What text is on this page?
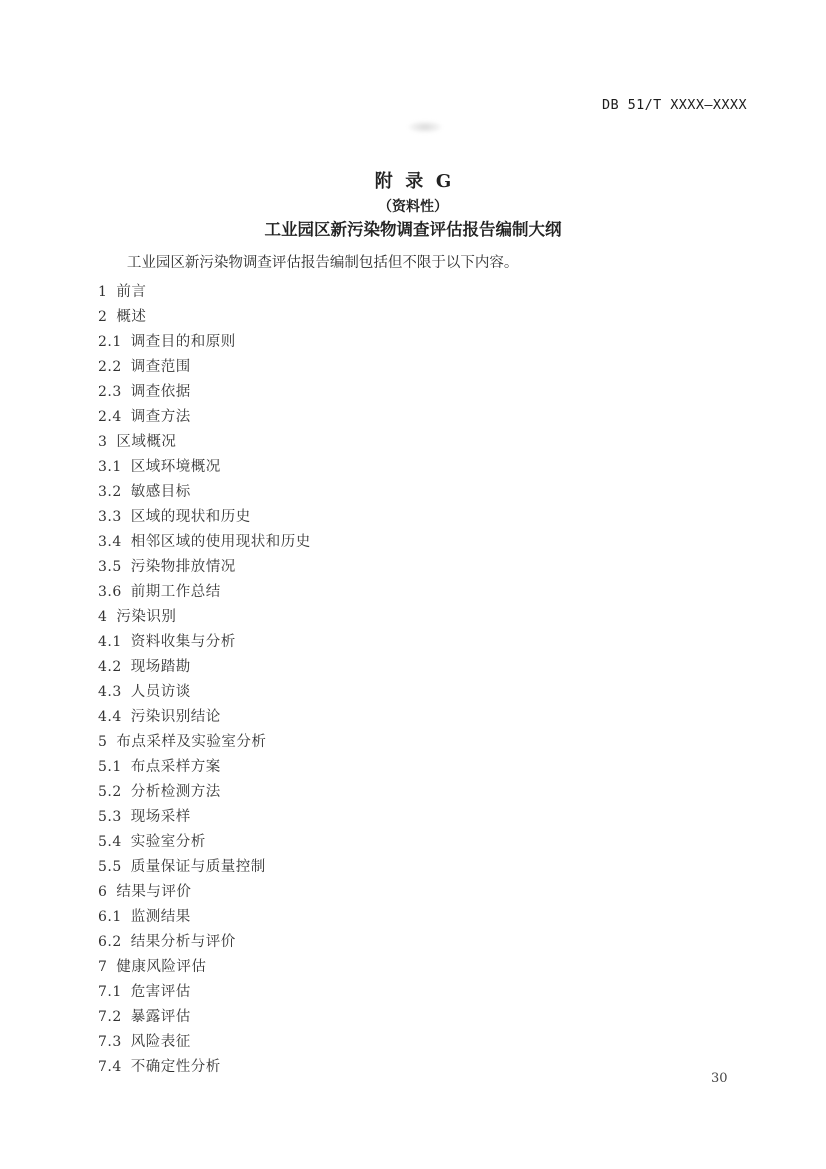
DB 51/T XXXX—XXXX
附  录  G
（资料性）
工业园区新污染物调查评估报告编制大纲
工业园区新污染物调查评估报告编制包括但不限于以下内容。
1 前言
2 概述
2.1 调查目的和原则
2.2 调查范围
2.3 调查依据
2.4 调查方法
3 区域概况
3.1 区域环境概况
3.2 敏感目标
3.3 区域的现状和历史
3.4 相邻区域的使用现状和历史
3.5 污染物排放情况
3.6 前期工作总结
4 污染识别
4.1 资料收集与分析
4.2 现场踏勘
4.3 人员访谈
4.4 污染识别结论
5 布点采样及实验室分析
5.1 布点采样方案
5.2 分析检测方法
5.3 现场采样
5.4 实验室分析
5.5 质量保证与质量控制
6 结果与评价
6.1 监测结果
6.2 结果分析与评价
7 健康风险评估
7.1 危害评估
7.2 暴露评估
7.3 风险表征
7.4 不确定性分析
30
